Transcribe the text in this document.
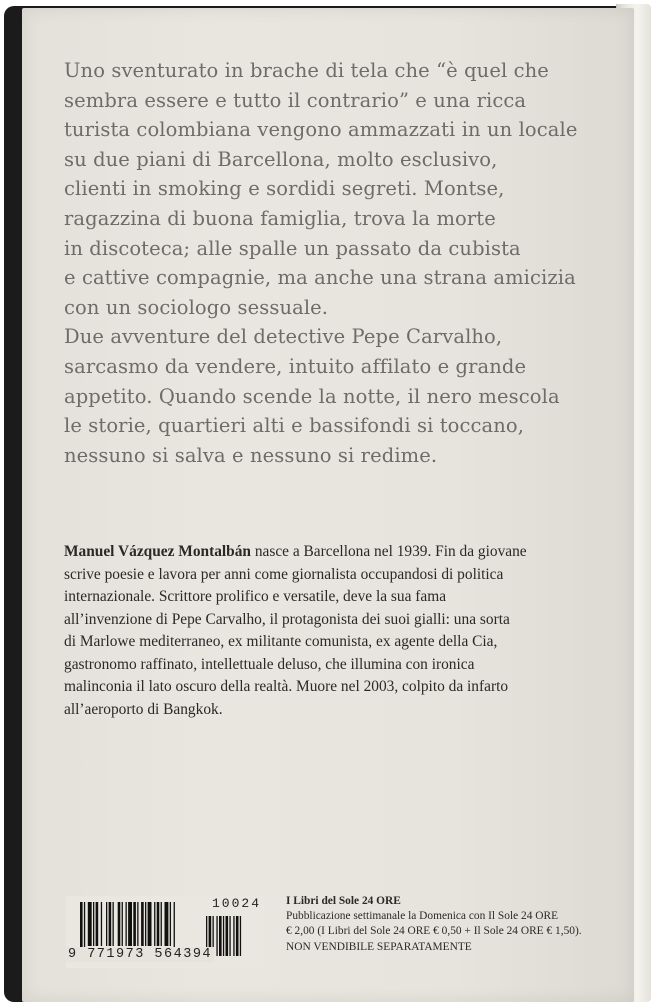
Uno sventurato in brache di tela che “è quel che
sembra essere e tutto il contrario” e una ricca
turista colombiana vengono ammazzati in un locale
su due piani di Barcellona, molto esclusivo,
clienti in smoking e sordidi segreti. Montse,
ragazzina di buona famiglia, trova la morte
in discoteca; alle spalle un passato da cubista
e cattive compagnie, ma anche una strana amicizia
con un sociologo sessuale.
Due avventure del detective Pepe Carvalho,
sarcasmo da vendere, intuito affilato e grande
appetito. Quando scende la notte, il nero mescola
le storie, quartieri alti e bassifondi si toccano,
nessuno si salva e nessuno si redime.
Manuel Vázquez Montalbán nasce a Barcellona nel 1939. Fin da giovane
scrive poesie e lavora per anni come giornalista occupandosi di politica
internazionale. Scrittore prolifico e versatile, deve la sua fama
all’invenzione di Pepe Carvalho, il protagonista dei suoi gialli: una sorta
di Marlowe mediterraneo, ex militante comunista, ex agente della Cia,
gastronomo raffinato, intellettuale deluso, che illumina con ironica
malinconia il lato oscuro della realtà. Muore nel 2003, colpito da infarto
all’aeroporto di Bangkok.
10024
9 771973 564394
I Libri del Sole 24 ORE
Pubblicazione settimanale la Domenica con Il Sole 24 ORE
€ 2,00 (I Libri del Sole 24 ORE € 0,50 + Il Sole 24 ORE € 1,50).
NON VENDIBILE SEPARATAMENTE
